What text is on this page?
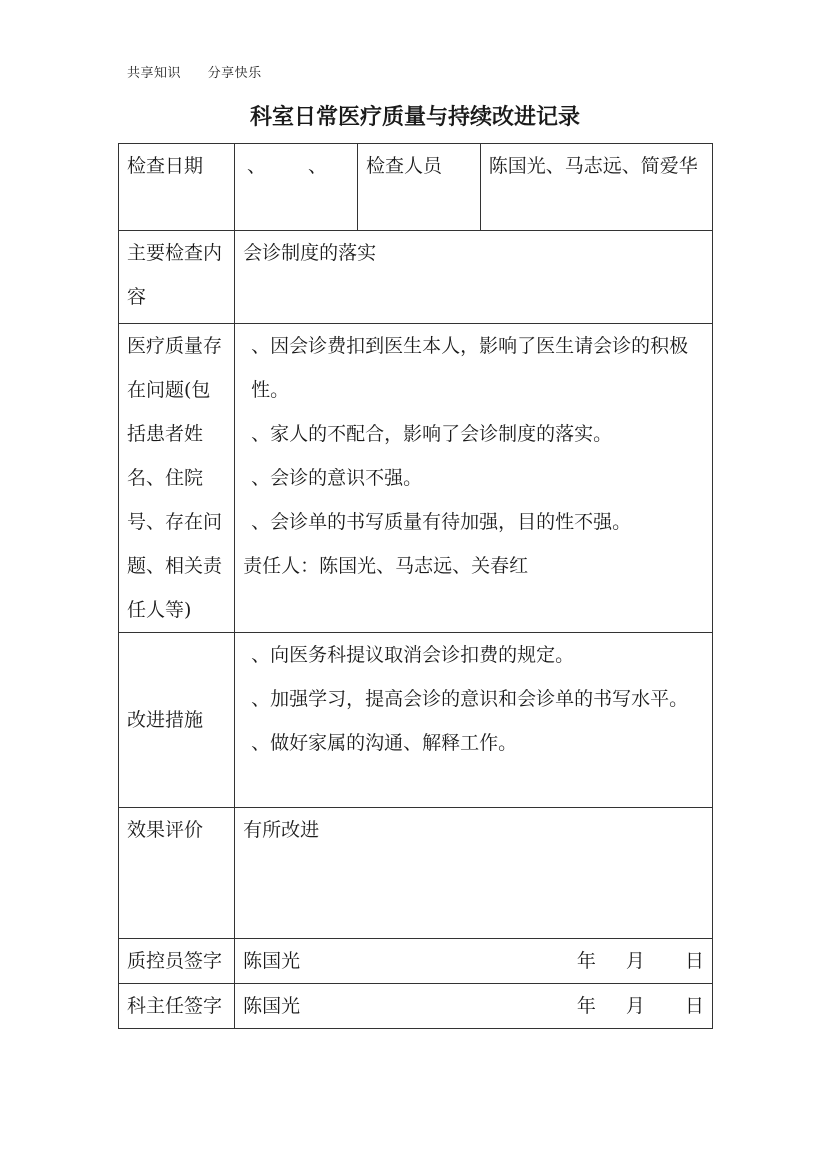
共享知识 分享快乐
科室日常医疗质量与持续改进记录
检查日期	、 、	检查人员	陈国光、马志远、简爱华
主要检查内容	会诊制度的落实		
医疗质量存在问题(包括患者姓名、住院号、存在问题、相关责任人等)	、因会诊费扣到医生本人，影响了医生请会诊的积极性。
、家人的不配合，影响了会诊制度的落实。
、会诊的意识不强。
、会诊单的书写质量有待加强，目的性不强。
责任人：陈国光、马志远、关春红		

改进措施	、向医务科提议取消会诊扣费的规定。
、加强学习，提高会诊的意识和会诊单的书写水平。
、做好家属的沟通、解释工作。		

效果评价	有所改进		
质控员签字	陈国光 年 月 日		

科主任签字	陈国光 年 月 日		
